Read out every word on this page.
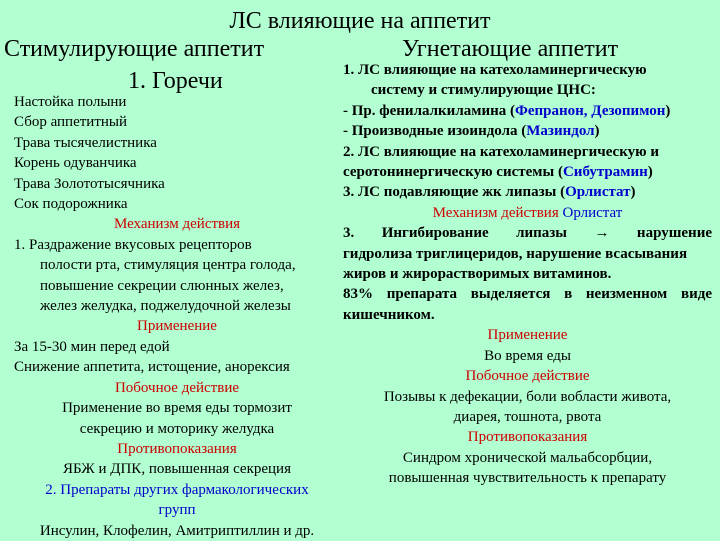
ЛС влияющие на аппетит
Стимулирующие аппетит	Угнетающие аппетит
1. Горечи
Настойка полыни
Сбор аппетитный
Трава тысячелистника
Корень одуванчика
Трава Золототысячника
Сок подорожника
Механизм действия
1. Раздражение вкусовых рецепторов
полости рта, стимуляция центра голода,
повышение секреции слюнных желез,
желез желудка, поджелудочной железы
Применение
За 15-30 мин перед едой
Снижение аппетита, истощение, анорексия
Побочное действие
Применение во время еды тормозит
секрецию и моторику желудка
Противопоказания
ЯБЖ и ДПК, повышенная секреция
2. Препараты других фармакологических
групп
Инсулин, Клофелин, Амитриптиллин и др.
1. ЛС влияющие на катехоламинергическую
систему и стимулирующие ЦНС:
- Пр. фенилалкиламина (Фепранон, Дезопимон)
- Производные изоиндола (Мазиндол)
2. ЛС влияющие на катехоламинергическую и
серотонинергическую системы (Сибутрамин)
3. ЛС подавляющие жк липазы (Орлистат)
Механизм действия Орлистат
3. Ингибирование липазы → нарушение
гидролиза триглицеридов, нарушение всасывания
жиров и жирорастворимых витаминов.
83% препарата выделяется в неизменном виде
кишечником.
Применение
Во время еды
Побочное действие
Позывы к дефекации, боли вобласти живота,
диарея, тошнота, рвота
Противопоказания
Синдром хронической мальабсорбции,
повышенная чувствительность к препарату
